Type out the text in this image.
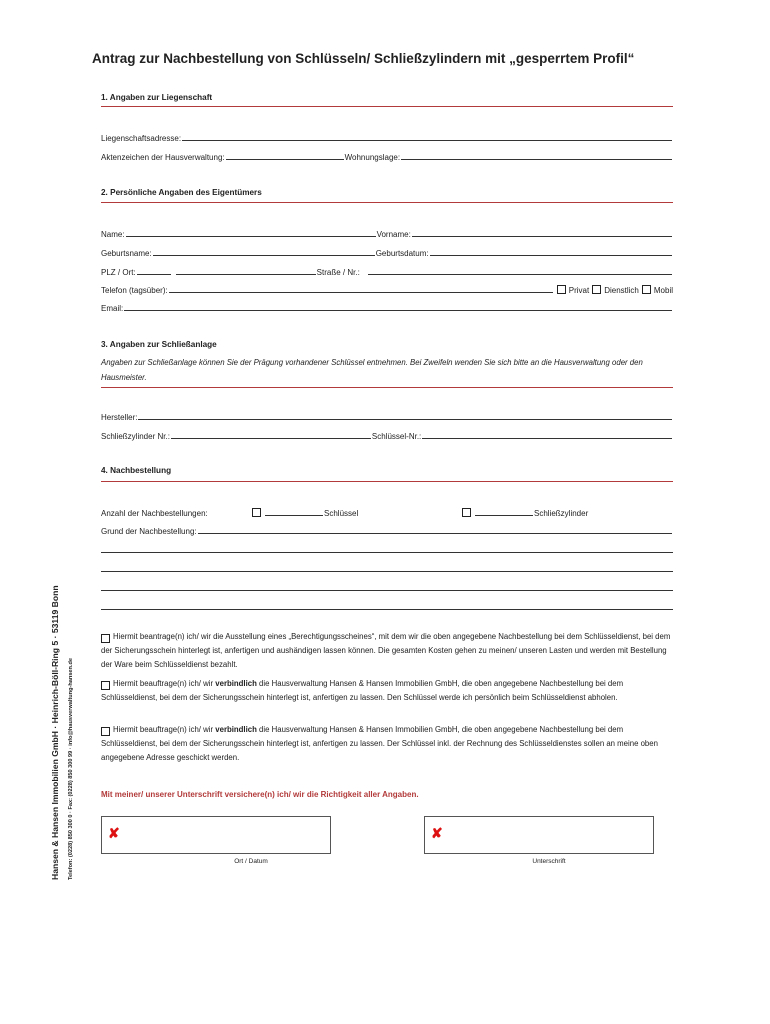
Antrag zur Nachbestellung von Schlüsseln/ Schließzylindern mit „gesperrtem Profil“
1. Angaben zur Liegenschaft
Liegenschaftsadresse:
Aktenzeichen der Hausverwaltung:	Wohnungslage:
2. Persönliche Angaben des Eigentümers
Name:	Vorname:
Geburtsname:	Geburtsdatum:
PLZ / Ort:	Straße / Nr.:
Telefon (tagsüber):	Privat Dienstlich Mobil
Email:
3. Angaben zur Schließanlage
Angaben zur Schließanlage können Sie der Prägung vorhandener Schlüssel entnehmen. Bei Zweifeln wenden Sie sich bitte an die Hausverwaltung oder den Hausmeister.
Hersteller:
Schließzylinder Nr.:	Schlüssel-Nr.:
4. Nachbestellung
Anzahl der Nachbestellungen:	Schlüssel	Schließzylinder
Grund der Nachbestellung:
Hiermit beantrage(n) ich/ wir die Ausstellung eines „Berechtigungsscheines“, mit dem wir die oben angegebene Nachbestellung bei dem Schlüsseldienst, bei dem der Sicherungsschein hinterlegt ist, anfertigen und aushändigen lassen können. Die gesamten Kosten gehen zu meinen/ unseren Lasten und werden mit Bestellung der Ware beim Schlüsseldienst bezahlt.
Hiermit beauftrage(n) ich/ wir verbindlich die Hausverwaltung Hansen & Hansen Immobilien GmbH, die oben angegebene Nachbestellung bei dem Schlüsseldienst, bei dem der Sicherungsschein hinterlegt ist, anfertigen zu lassen. Den Schlüssel werde ich persönlich beim Schlüsseldienst abholen.
Hiermit beauftrage(n) ich/ wir verbindlich die Hausverwaltung Hansen & Hansen Immobilien GmbH, die oben angegebene Nachbestellung bei dem Schlüsseldienst, bei dem der Sicherungsschein hinterlegt ist, anfertigen zu lassen. Der Schlüssel inkl. der Rechnung des Schlüsseldienstes sollen an meine oben angegebene Adresse geschickt werden.
Mit meiner/ unserer Unterschrift versichere(n) ich/ wir die Richtigkeit aller Angaben.
✘	✘
Ort / Datum	Unterschrift
Hansen & Hansen Immobilien GmbH · Heinrich-Böll-Ring 5 · 53119 Bonn Telefon: (0228) 850 300 0 · Fax: (0228) 850 300 99 · info@hausverwaltung-hansen.de
